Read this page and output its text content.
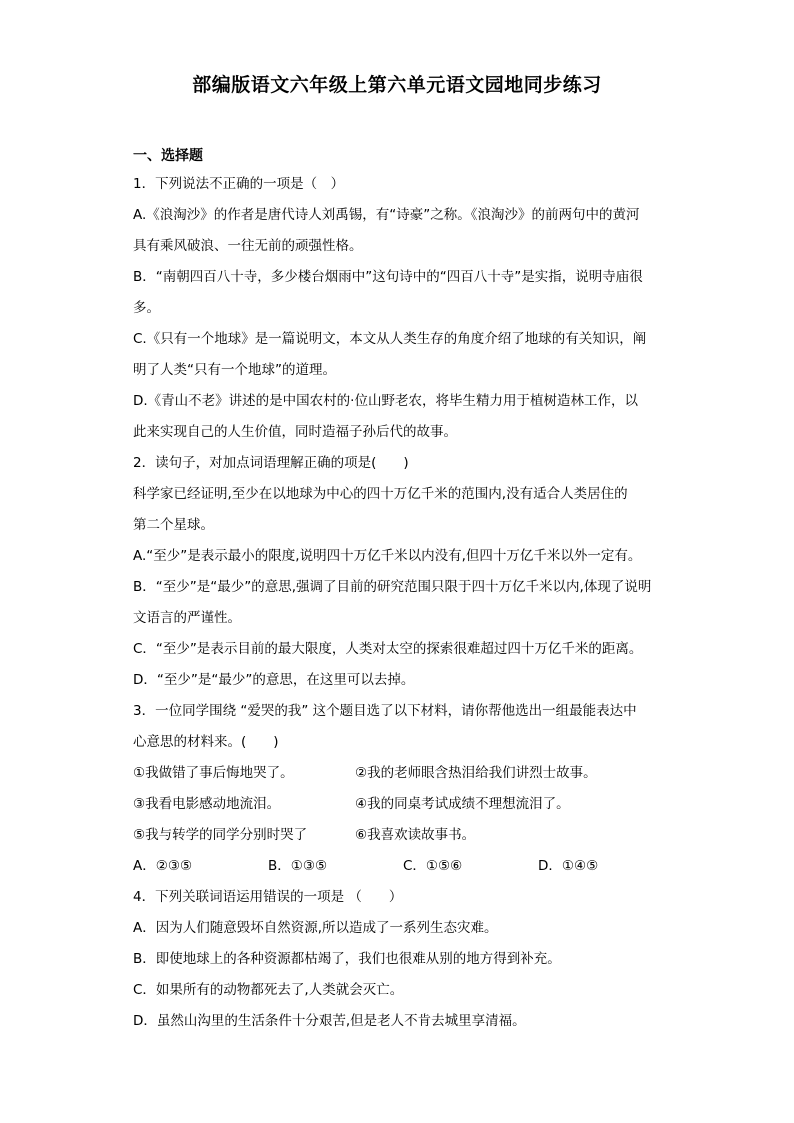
部编版语文六年级上第六单元语文园地同步练习
一、选择题
1．下列说法不正确的一项是（　）
A.《浪淘沙》的作者是唐代诗人刘禹锡，有“诗豪”之称。《浪淘沙》的前两句中的黄河
具有乘风破浪、一往无前的顽强性格。
B．“南朝四百八十寺，多少楼台烟雨中”这句诗中的“四百八十寺”是实指，说明寺庙很
多。
C.《只有一个地球》是一篇说明文，本文从人类生存的角度介绍了地球的有关知识，阐
明了人类“只有一个地球”的道理。
D.《青山不老》讲述的是中国农村的·位山野老农，将毕生精力用于植树造林工作，以
此来实现自己的人生价值，同时造福子孙后代的故事。
2．读句子，对加点词语理解正确的项是(　　)
科学家已经证明,至少在以地球为中心的四十万亿千米的范围内,没有适合人类居住的
第二个星球。
A.“至少”是表示最小的限度,说明四十万亿千米以内没有,但四十万亿千米以外一定有。
B．“至少”是“最少”的意思,强调了目前的研究范围只限于四十万亿千米以内,体现了说明
文语言的严谨性。
C．“至少”是表示目前的最大限度，人类对太空的探索很难超过四十万亿千米的距离。
D．“至少”是“最少”的意思，在这里可以去掉。
3．一位同学围绕 “爱哭的我” 这个题目选了以下材料，请你帮他选出一组最能表达中
心意思的材料来。(　　)
①我做错了事后悔地哭了。	②我的老师眼含热泪给我们讲烈士故事。
③我看电影感动地流泪。	④我的同桌考试成绩不理想流泪了。
⑤我与转学的同学分别时哭了	⑥我喜欢读故事书。
A．②③⑤	B．①③⑤	C．①⑤⑥	D．①④⑤
4．下列关联词语运用错误的一项是 （　　）
A．因为人们随意毁坏自然资源,所以造成了一系列生态灾难。
B．即使地球上的各种资源都枯竭了，我们也很难从别的地方得到补充。
C．如果所有的动物都死去了,人类就会灭亡。
D．虽然山沟里的生活条件十分艰苦,但是老人不肯去城里享清福。
